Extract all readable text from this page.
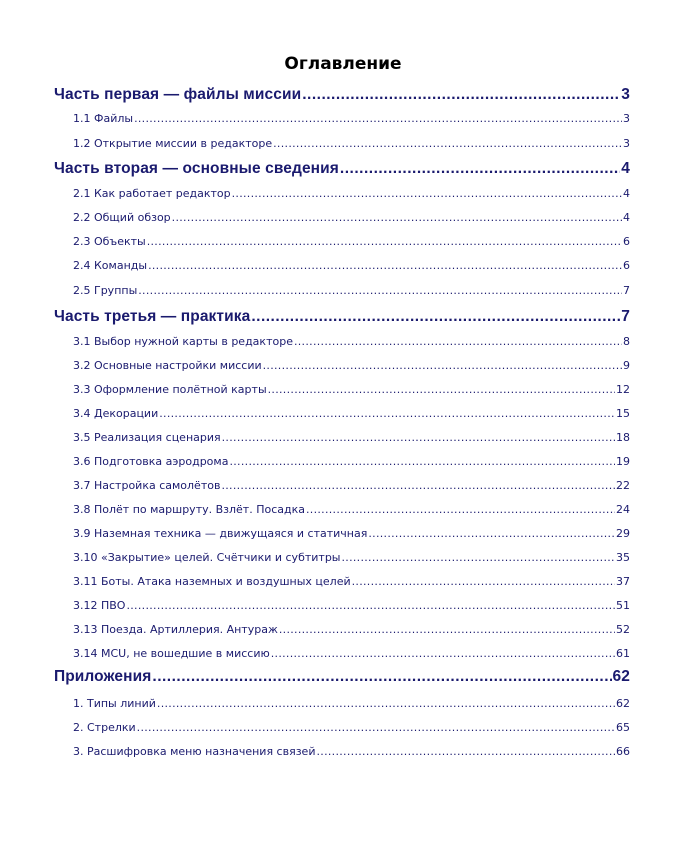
Оглавление
Часть первая — файлы миссии .....	3
1.1 Файлы .....	3
1.2 Открытие миссии в редакторе .....	3
Часть вторая — основные сведения .....	4
2.1 Как работает редактор .....	4
2.2 Общий обзор .....	4
2.3 Объекты .....	6
2.4 Команды .....	6
2.5 Группы .....	7
Часть третья — практика .....	7
3.1 Выбор нужной карты в редакторе .....	8
3.2 Основные настройки миссии .....	9
3.3 Оформление полётной карты .....	12
3.4 Декорации .....	15
3.5 Реализация сценария .....	18
3.6 Подготовка аэродрома .....	19
3.7 Настройка самолётов .....	22
3.8 Полёт по маршруту. Взлёт. Посадка .....	24
3.9 Наземная техника — движущаяся и статичная .....	29
3.10 «Закрытие» целей. Счётчики и субтитры .....	35
3.11 Боты. Атака наземных и воздушных целей .....	37
3.12 ПВО .....	51
3.13 Поезда. Артиллерия. Антураж .....	52
3.14 MCU, не вошедшие в миссию .....	61
Приложения .....	62
1. Типы линий .....	62
2. Стрелки .....	65
3. Расшифровка меню назначения связей .....	66
